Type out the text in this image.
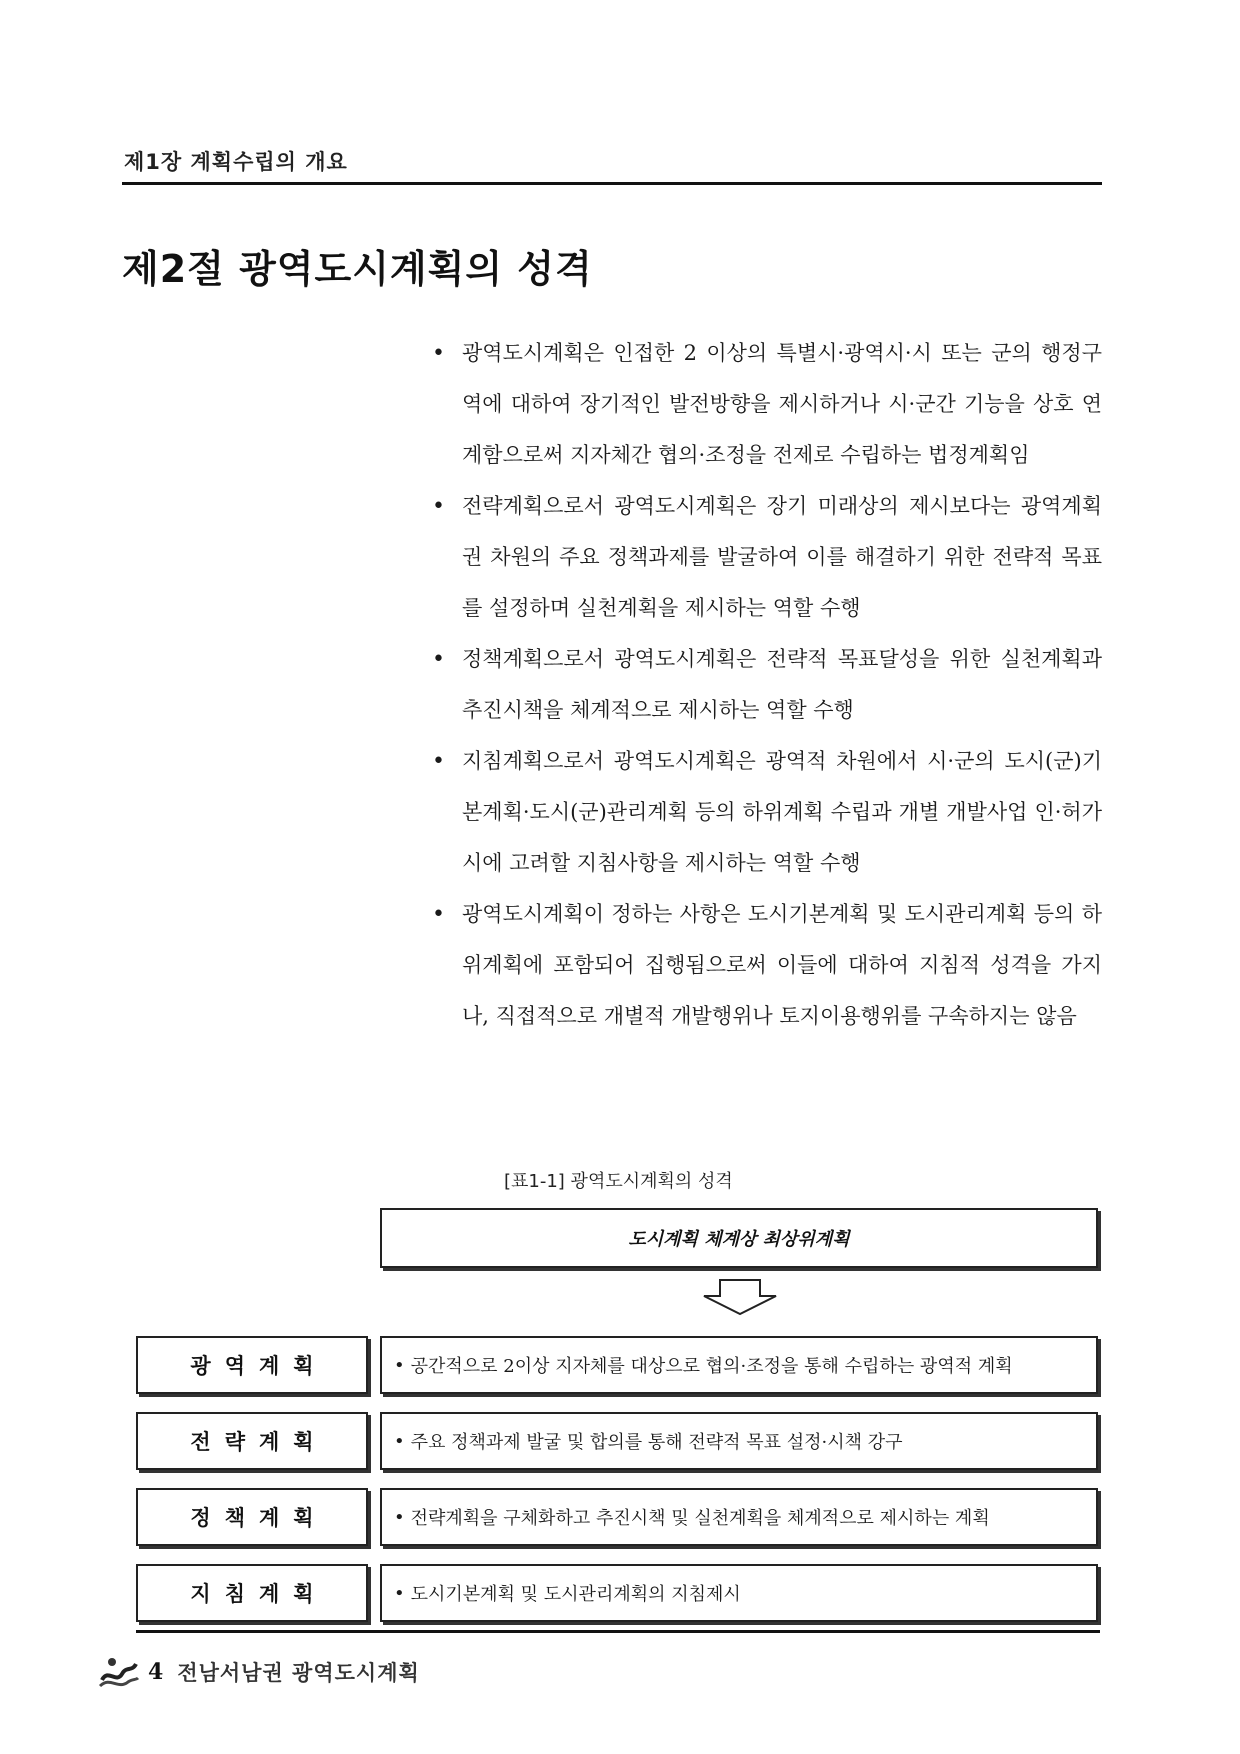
제1장 계획수립의 개요
제2절 광역도시계획의 성격
• 광역도시계획은 인접한 2 이상의 특별시·광역시·시 또는 군의 행정구역에 대하여 장기적인 발전방향을 제시하거나 시·군간 기능을 상호 연계함으로써 지자체간 협의·조정을 전제로 수립하는 법정계획임
• 전략계획으로서 광역도시계획은 장기 미래상의 제시보다는 광역계획권 차원의 주요 정책과제를 발굴하여 이를 해결하기 위한 전략적 목표를 설정하며 실천계획을 제시하는 역할 수행
• 정책계획으로서 광역도시계획은 전략적 목표달성을 위한 실천계획과 추진시책을 체계적으로 제시하는 역할 수행
• 지침계획으로서 광역도시계획은 광역적 차원에서 시·군의 도시(군)기본계획·도시(군)관리계획 등의 하위계획 수립과 개별 개발사업 인·허가시에 고려할 지침사항을 제시하는 역할 수행
• 광역도시계획이 정하는 사항은 도시기본계획 및 도시관리계획 등의 하위계획에 포함되어 집행됨으로써 이들에 대하여 지침적 성격을 가지나, 직접적으로 개별적 개발행위나 토지이용행위를 구속하지는 않음
[표1-1] 광역도시계획의 성격
도시계획 체계상 최상위계획
광역계획	• 공간적으로 2이상 지자체를 대상으로 협의·조정을 통해 수립하는 광역적 계획
전략계획	• 주요 정책과제 발굴 및 합의를 통해 전략적 목표 설정·시책 강구
정책계획	• 전략계획을 구체화하고 추진시책 및 실천계획을 체계적으로 제시하는 계획
지침계획	• 도시기본계획 및 도시관리계획의 지침제시
4 전남서남권 광역도시계획
